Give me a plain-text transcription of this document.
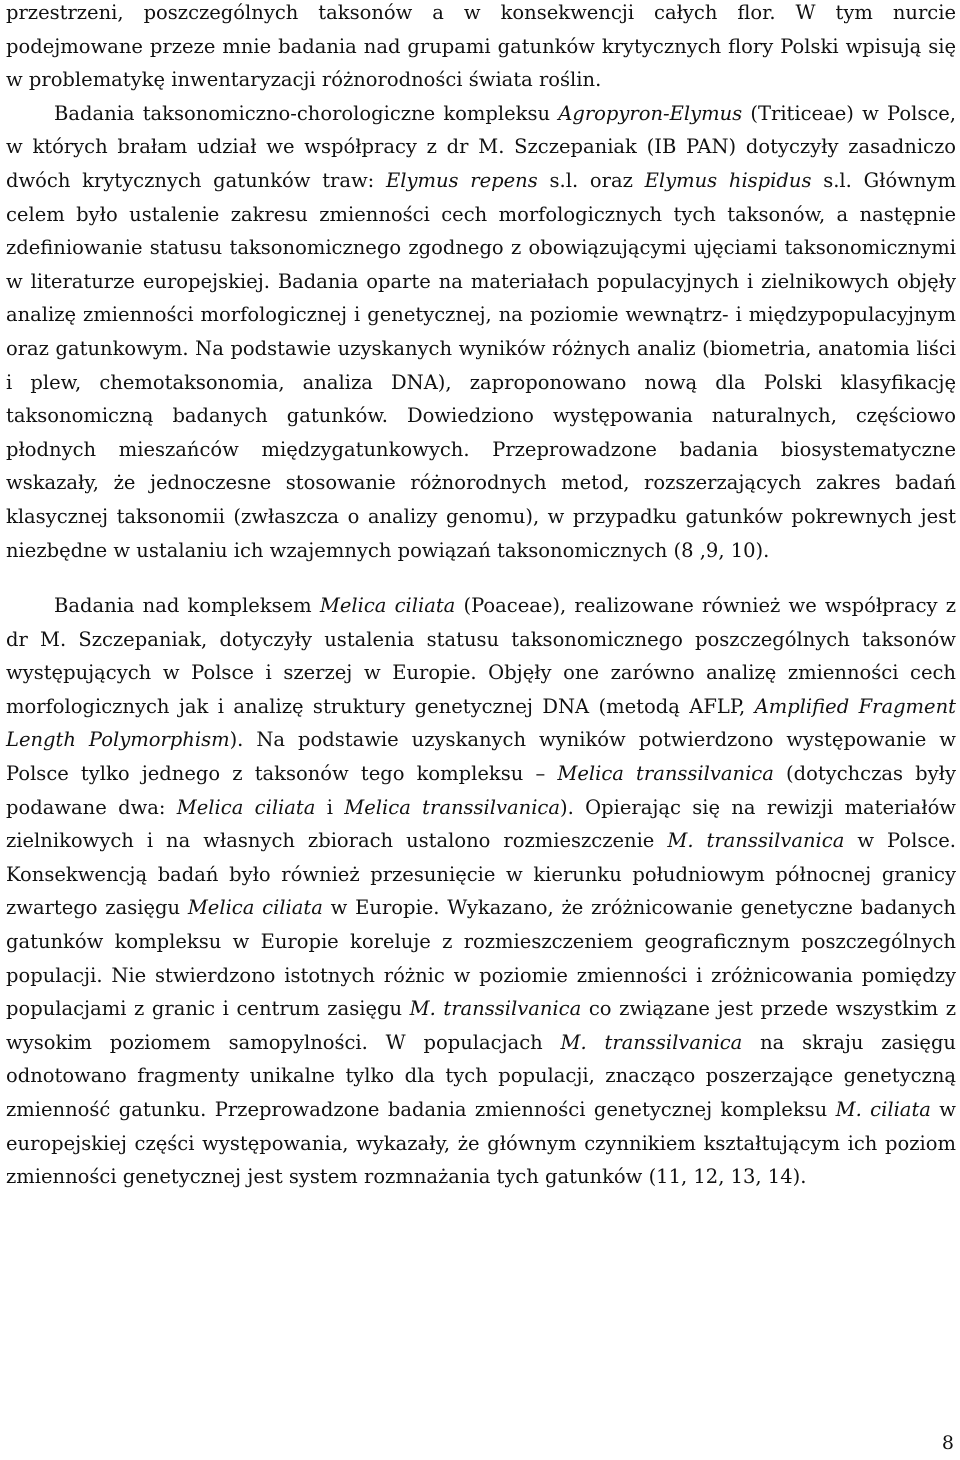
przestrzeni, poszczególnych taksonów a w konsekwencji całych flor. W tym nurcie podejmowane przeze mnie badania nad grupami gatunków krytycznych flory Polski wpisują się w problematykę inwentaryzacji różnorodności świata roślin.

Badania taksonomiczno-chorologiczne kompleksu Agropyron-Elymus (Triticeae) w Polsce, w których brałam udział we współpracy z dr M. Szczepaniak (IB PAN) dotyczyły zasadniczo dwóch krytycznych gatunków traw: Elymus repens s.l. oraz Elymus hispidus s.l. Głównym celem było ustalenie zakresu zmienności cech morfologicznych tych taksonów, a następnie zdefiniowanie statusu taksonomicznego zgodnego z obowiązującymi ujęciami taksonomicznymi w literaturze europejskiej. Badania oparte na materiałach populacyjnych i zielnikowych objęły analizę zmienności morfologicznej i genetycznej, na poziomie wewnątrz- i międzypopulacyjnym oraz gatunkowym. Na podstawie uzyskanych wyników różnych analiz (biometria, anatomia liści i plew, chemotaksonomia, analiza DNA), zaproponowano nową dla Polski klasyfikację taksonomiczną badanych gatunków. Dowiedziono występowania naturalnych, częściowo płodnych mieszańców międzygatunkowych. Przeprowadzone badania biosystematyczne wskazały, że jednoczesne stosowanie różnorodnych metod, rozszerzających zakres badań klasycznej taksonomii (zwłaszcza o analizy genomu), w przypadku gatunków pokrewnych jest niezbędne w ustalaniu ich wzajemnych powiązań taksonomicznych (8 ,9, 10).

Badania nad kompleksem Melica ciliata (Poaceae), realizowane również we współpracy z dr M. Szczepaniak, dotyczyły ustalenia statusu taksonomicznego poszczególnych taksonów występujących w Polsce i szerzej w Europie. Objęły one zarówno analizę zmienności cech morfologicznych jak i analizę struktury genetycznej DNA (metodą AFLP, Amplified Fragment Length Polymorphism). Na podstawie uzyskanych wyników potwierdzono występowanie w Polsce tylko jednego z taksonów tego kompleksu – Melica transsilvanica (dotychczas były podawane dwa: Melica ciliata i Melica transsilvanica). Opierając się na rewizji materiałów zielnikowych i na własnych zbiorach ustalono rozmieszczenie M. transsilvanica w Polsce. Konsekwencją badań było również przesunięcie w kierunku południowym północnej granicy zwartego zasięgu Melica ciliata w Europie. Wykazano, że zróżnicowanie genetyczne badanych gatunków kompleksu w Europie koreluje z rozmieszczeniem geograficznym poszczególnych populacji. Nie stwierdzono istotnych różnic w poziomie zmienności i zróżnicowania pomiędzy populacjami z granic i centrum zasięgu M. transsilvanica co związane jest przede wszystkim z wysokim poziomem samopylności. W populacjach M. transsilvanica na skraju zasięgu odnotowano fragmenty unikalne tylko dla tych populacji, znacząco poszerzające genetyczną zmienność gatunku. Przeprowadzone badania zmienności genetycznej kompleksu M. ciliata w europejskiej części występowania, wykazały, że głównym czynnikiem kształtującym ich poziom zmienności genetycznej jest system rozmnażania tych gatunków (11, 12, 13, 14).

8
